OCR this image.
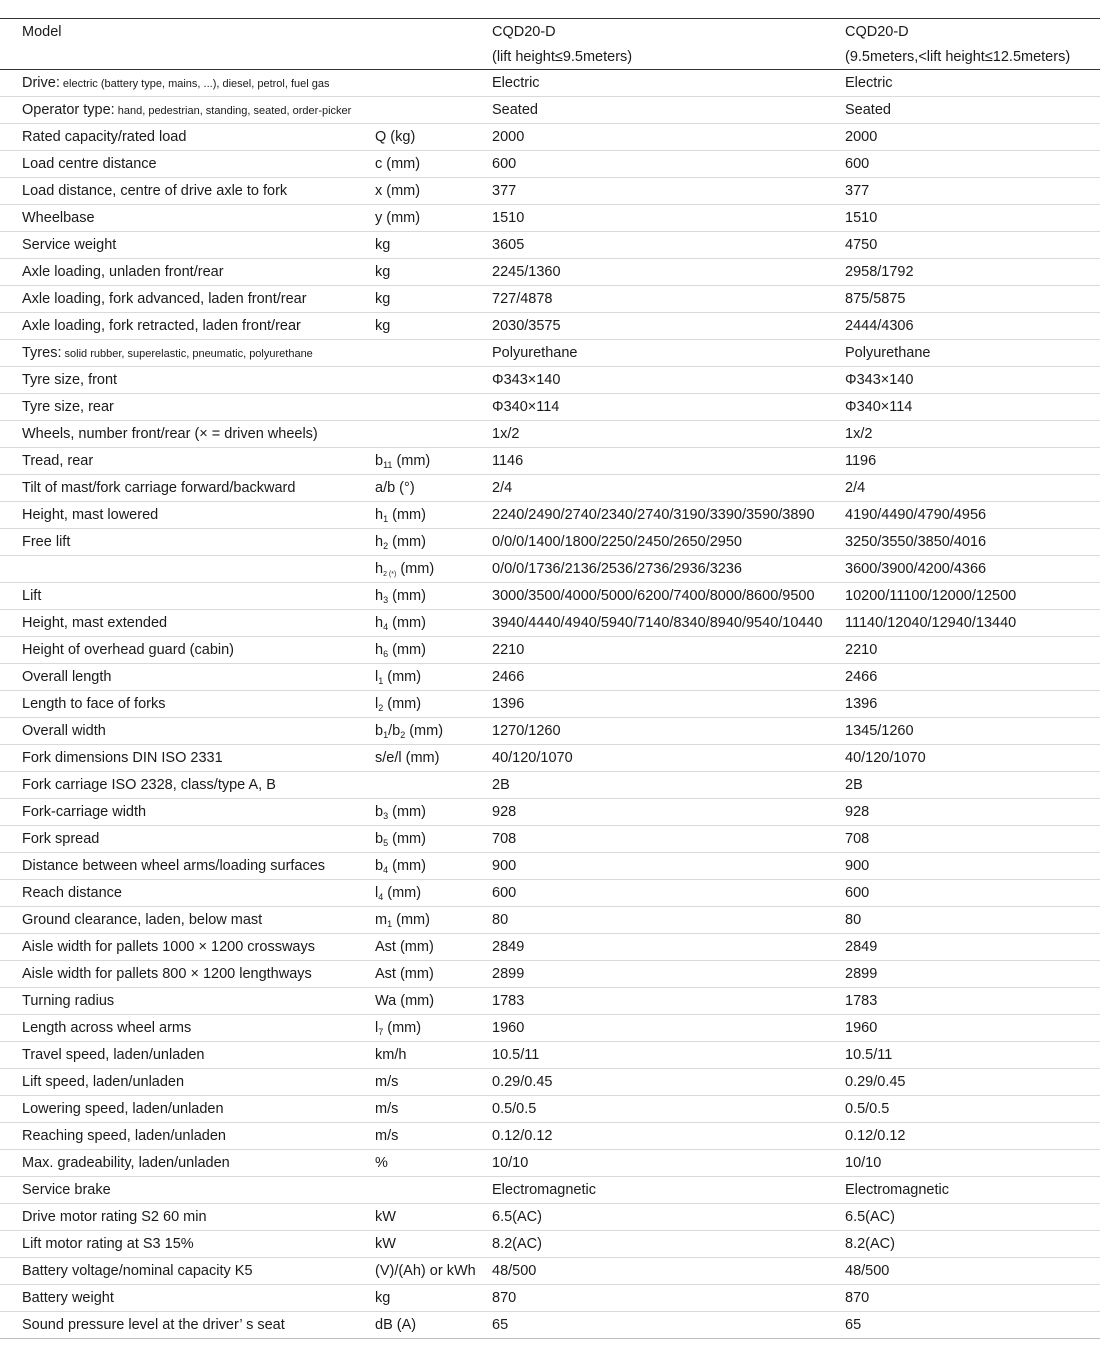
Model		CQD20-D	CQD20-D
		(lift height≤9.5meters)	(9.5meters,<lift height≤12.5meters)
Drive: electric (battery type, mains, ...), diesel, petrol, fuel gas		Electric	Electric
Operator type: hand, pedestrian, standing, seated, order-picker		Seated	Seated
Rated capacity/rated load	Q (kg)	2000	2000
Load centre distance	c (mm)	600	600
Load distance, centre of drive axle to fork	x (mm)	377	377
Wheelbase	y (mm)	1510	1510
Service weight	kg	3605	4750
Axle loading, unladen front/rear	kg	2245/1360	2958/1792
Axle loading, fork advanced, laden front/rear	kg	727/4878	875/5875
Axle loading, fork retracted, laden front/rear	kg	2030/3575	2444/4306
Tyres: solid rubber, superelastic, pneumatic, polyurethane		Polyurethane	Polyurethane
Tyre size, front		Φ343×140	Φ343×140
Tyre size, rear		Φ340×114	Φ340×114
Wheels, number front/rear (× = driven wheels)		1x/2	1x/2
Tread, rear	$b_{11}$ (mm)	1146	1196
Tilt of mast/fork carriage forward/backward	a/b (°)	2/4	2/4
Height, mast lowered	$h_1$ (mm)	2240/2490/2740/2340/2740/3190/3390/3590/3890	4190/4490/4790/4956
Free lift	$h_2$ (mm)	0/0/0/1400/1800/2250/2450/2650/2950	3250/3550/3850/4016
	$h_{2 (*)}$ (mm)	0/0/0/1736/2136/2536/2736/2936/3236	3600/3900/4200/4366
Lift	$h_3$ (mm)	3000/3500/4000/5000/6200/7400/8000/8600/9500	10200/11100/12000/12500
Height, mast extended	$h_4$ (mm)	3940/4440/4940/5940/7140/8340/8940/9540/10440	11140/12040/12940/13440
Height of overhead guard (cabin)	$h_6$ (mm)	2210	2210
Overall length	$l_1$ (mm)	2466	2466
Length to face of forks	$l_2$ (mm)	1396	1396
Overall width	$b_1/b_2$ (mm)	1270/1260	1345/1260
Fork dimensions DIN ISO 2331	s/e/l (mm)	40/120/1070	40/120/1070
Fork carriage ISO 2328, class/type A, B		2B	2B
Fork-carriage width	$b_3$ (mm)	928	928
Fork spread	$b_5$ (mm)	708	708
Distance between wheel arms/loading surfaces	$b_4$ (mm)	900	900
Reach distance	$l_4$ (mm)	600	600
Ground clearance, laden, below mast	$m_1$ (mm)	80	80
Aisle width for pallets 1000 × 1200 crossways	Ast (mm)	2849	2849
Aisle width for pallets 800 × 1200 lengthways	Ast (mm)	2899	2899
Turning radius	Wa (mm)	1783	1783
Length across wheel arms	$l_7$ (mm)	1960	1960
Travel speed, laden/unladen	km/h	10.5/11	10.5/11
Lift speed, laden/unladen	m/s	0.29/0.45	0.29/0.45
Lowering speed, laden/unladen	m/s	0.5/0.5	0.5/0.5
Reaching speed, laden/unladen	m/s	0.12/0.12	0.12/0.12
Max. gradeability, laden/unladen	%	10/10	10/10
Service brake		Electromagnetic	Electromagnetic
Drive motor rating S2 60 min	kW	6.5(AC)	6.5(AC)
Lift motor rating at S3 15%	kW	8.2(AC)	8.2(AC)
Battery voltage/nominal capacity K5	(V)/(Ah) or kWh	48/500	48/500
Battery weight	kg	870	870
Sound pressure level at the driver’ s seat	dB (A)	65	65
